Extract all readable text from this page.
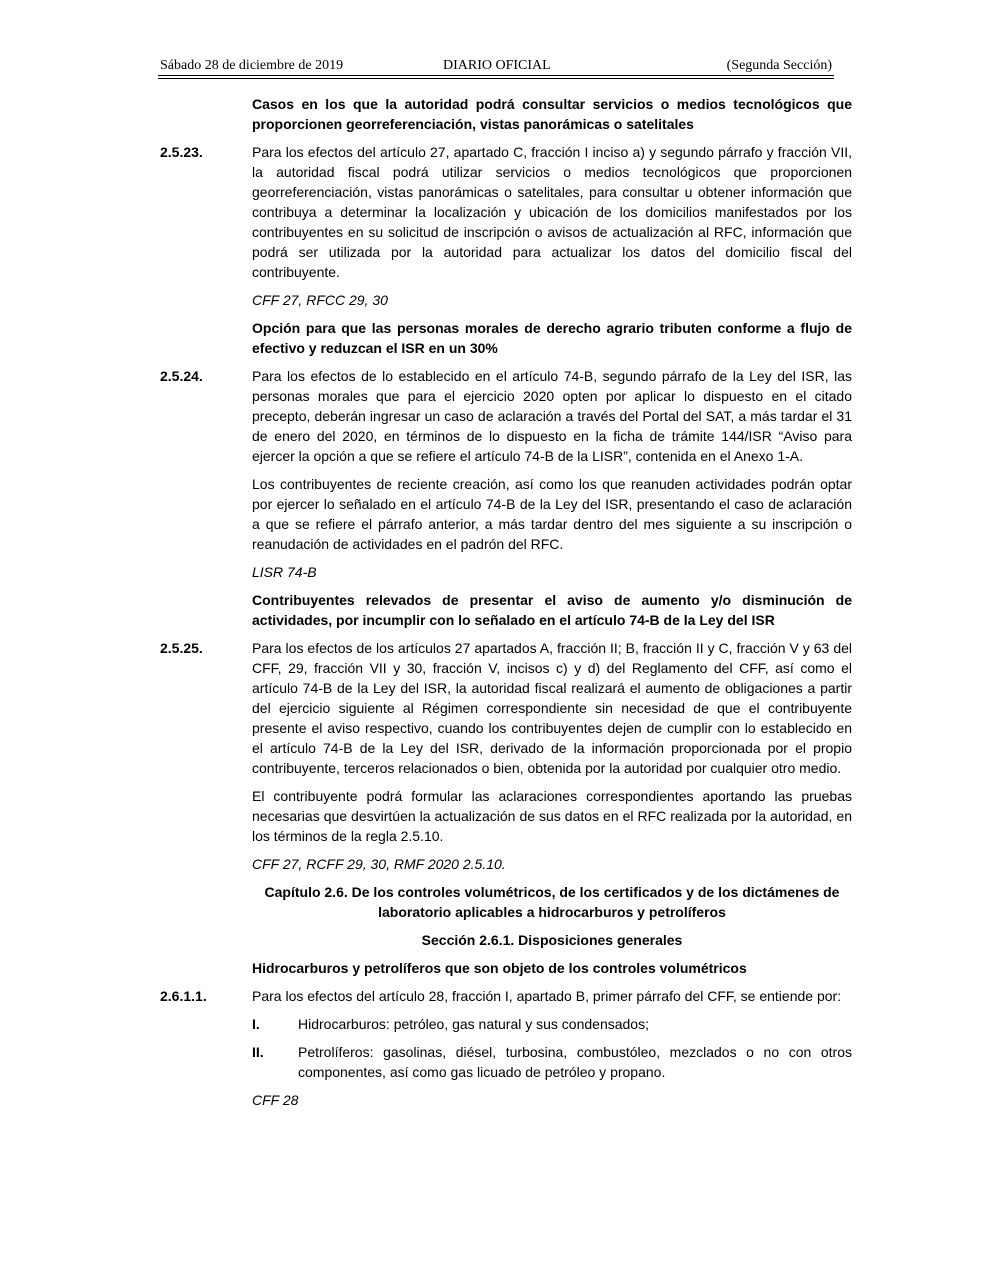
Sábado 28 de diciembre de 2019	DIARIO OFICIAL	(Segunda Sección)
Casos en los que la autoridad podrá consultar servicios o medios tecnológicos que proporcionen georreferenciación, vistas panorámicas o satelitales
2.5.23.	Para los efectos del artículo 27, apartado C, fracción I inciso a) y segundo párrafo y fracción VII, la autoridad fiscal podrá utilizar servicios o medios tecnológicos que proporcionen georreferenciación, vistas panorámicas o satelitales, para consultar u obtener información que contribuya a determinar la localización y ubicación de los domicilios manifestados por los contribuyentes en su solicitud de inscripción o avisos de actualización al RFC, información que podrá ser utilizada por la autoridad para actualizar los datos del domicilio fiscal del contribuyente.
CFF 27, RFCC 29, 30
Opción para que las personas morales de derecho agrario tributen conforme a flujo de efectivo y reduzcan el ISR en un 30%
2.5.24.	Para los efectos de lo establecido en el artículo 74-B, segundo párrafo de la Ley del ISR, las personas morales que para el ejercicio 2020 opten por aplicar lo dispuesto en el citado precepto, deberán ingresar un caso de aclaración a través del Portal del SAT, a más tardar el 31 de enero del 2020, en términos de lo dispuesto en la ficha de trámite 144/ISR “Aviso para ejercer la opción a que se refiere el artículo 74-B de la LISR”, contenida en el Anexo 1-A.
Los contribuyentes de reciente creación, así como los que reanuden actividades podrán optar por ejercer lo señalado en el artículo 74-B de la Ley del ISR, presentando el caso de aclaración a que se refiere el párrafo anterior, a más tardar dentro del mes siguiente a su inscripción o reanudación de actividades en el padrón del RFC.
LISR 74-B
Contribuyentes relevados de presentar el aviso de aumento y/o disminución de actividades, por incumplir con lo señalado en el artículo 74-B de la Ley del ISR
2.5.25.	Para los efectos de los artículos 27 apartados A, fracción II; B, fracción II y C, fracción V y 63 del CFF, 29, fracción VII y 30, fracción V, incisos c) y d) del Reglamento del CFF, así como el artículo 74-B de la Ley del ISR, la autoridad fiscal realizará el aumento de obligaciones a partir del ejercicio siguiente al Régimen correspondiente sin necesidad de que el contribuyente presente el aviso respectivo, cuando los contribuyentes dejen de cumplir con lo establecido en el artículo 74-B de la Ley del ISR, derivado de la información proporcionada por el propio contribuyente, terceros relacionados o bien, obtenida por la autoridad por cualquier otro medio.
El contribuyente podrá formular las aclaraciones correspondientes aportando las pruebas necesarias que desvirtúen la actualización de sus datos en el RFC realizada por la autoridad, en los términos de la regla 2.5.10.
CFF 27, RCFF 29, 30, RMF 2020 2.5.10.
Capítulo 2.6. De los controles volumétricos, de los certificados y de los dictámenes de laboratorio aplicables a hidrocarburos y petrolíferos
Sección 2.6.1. Disposiciones generales
Hidrocarburos y petrolíferos que son objeto de los controles volumétricos
2.6.1.1.	Para los efectos del artículo 28, fracción I, apartado B, primer párrafo del CFF, se entiende por:
I.	Hidrocarburos: petróleo, gas natural y sus condensados;
II.	Petrolíferos: gasolinas, diésel, turbosina, combustóleo, mezclados o no con otros componentes, así como gas licuado de petróleo y propano.
CFF 28
